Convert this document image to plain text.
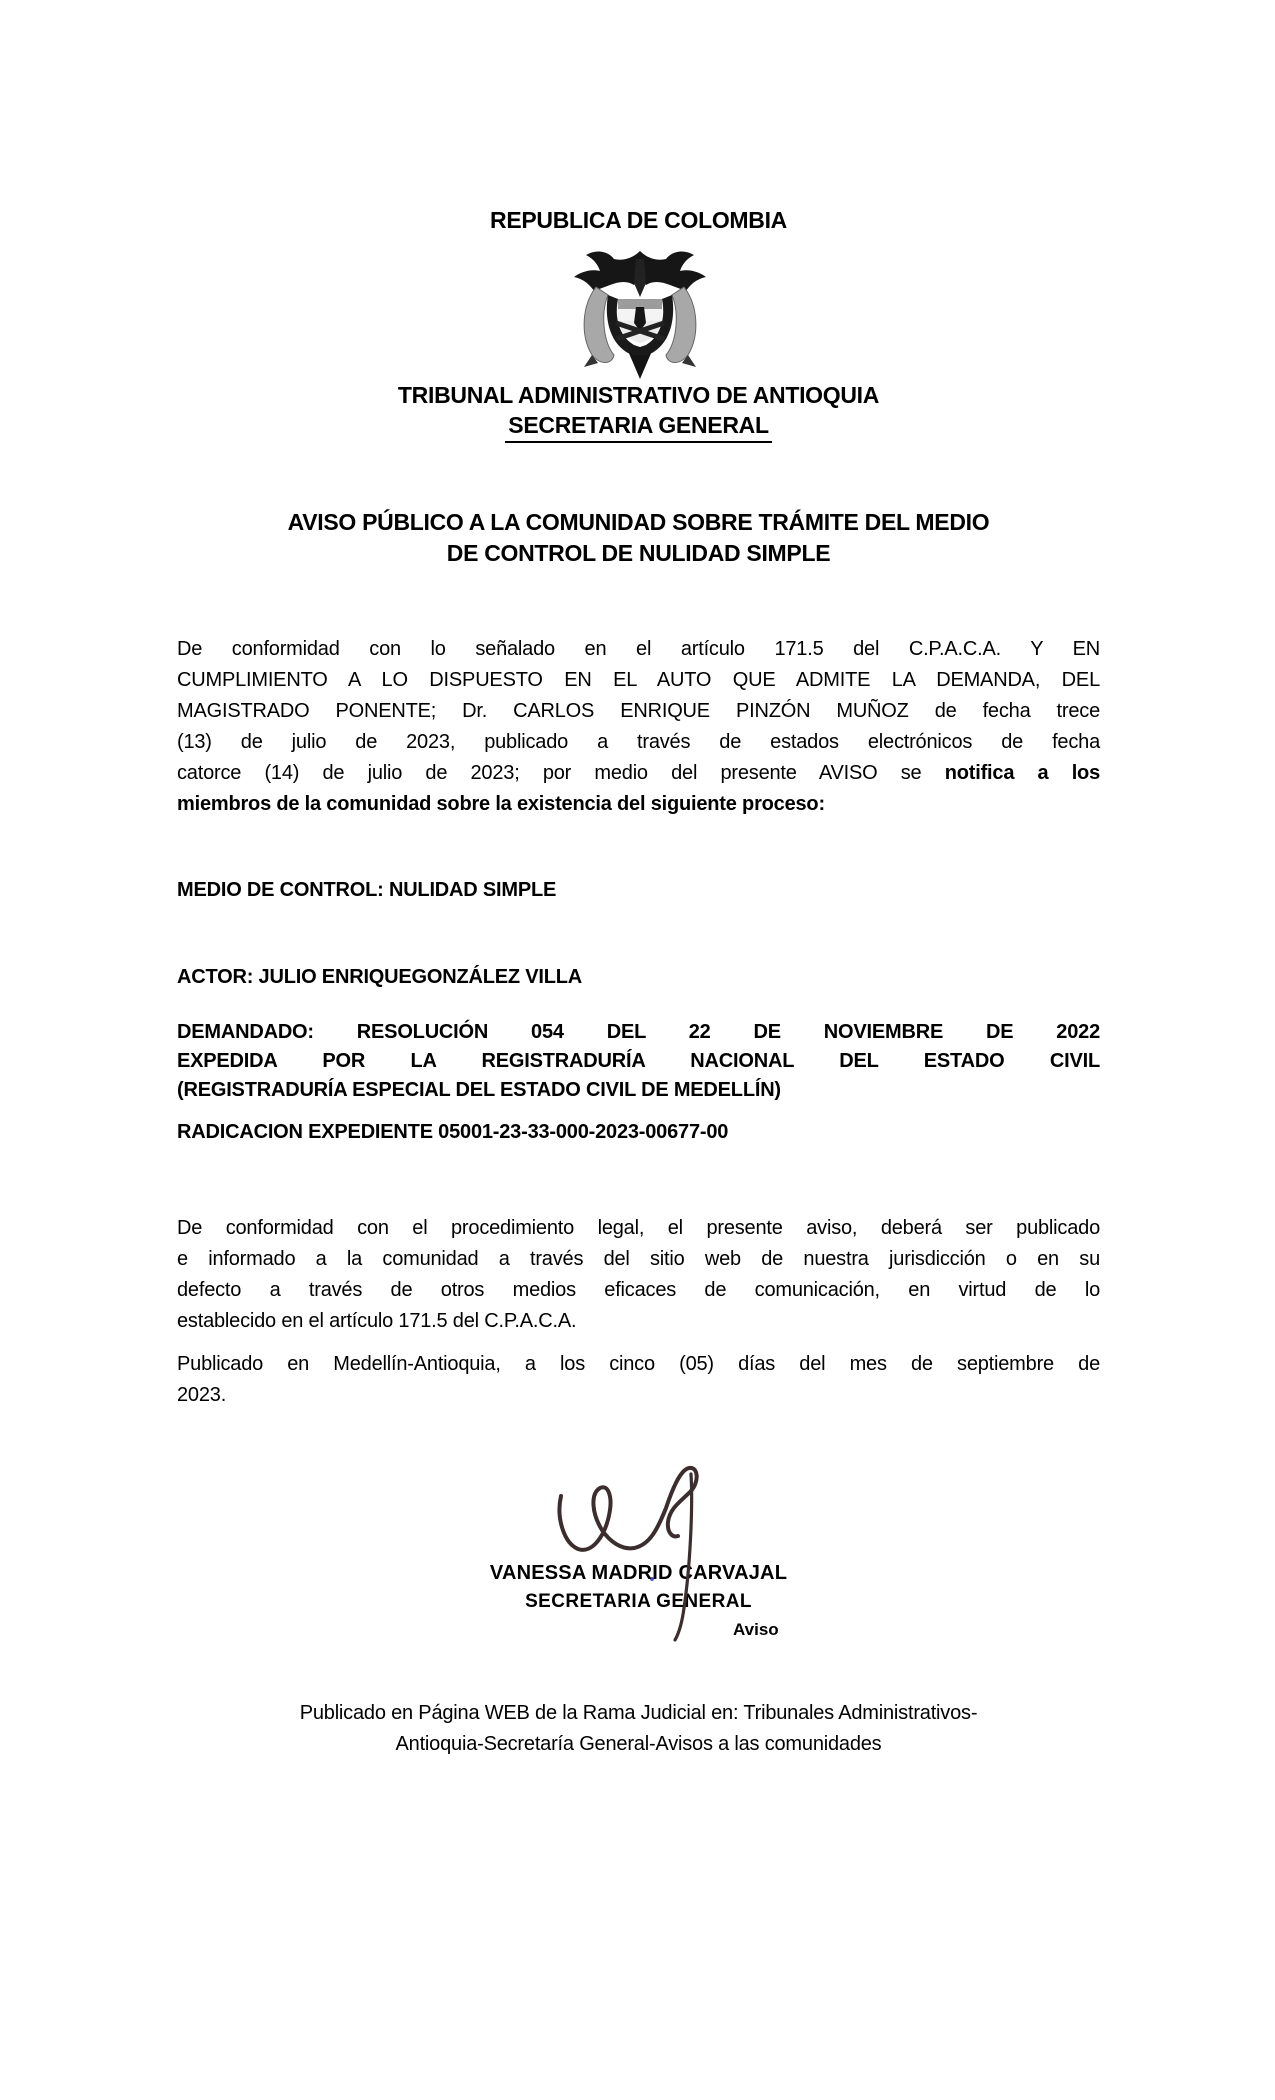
REPUBLICA DE COLOMBIA
TRIBUNAL ADMINISTRATIVO DE ANTIOQUIA
SECRETARIA GENERAL
AVISO PÚBLICO A LA COMUNIDAD SOBRE TRÁMITE DEL MEDIO
DE CONTROL DE NULIDAD SIMPLE
De conformidad con lo señalado en el artículo 171.5 del C.P.A.C.A. Y EN
CUMPLIMIENTO A LO DISPUESTO EN EL AUTO QUE ADMITE LA DEMANDA, DEL
MAGISTRADO PONENTE; Dr. CARLOS ENRIQUE PINZÓN MUÑOZ de fecha trece
(13) de julio de 2023, publicado a través de estados electrónicos de fecha
catorce (14) de julio de 2023; por medio del presente AVISO se notifica a los
miembros de la comunidad sobre la existencia del siguiente proceso:
MEDIO DE CONTROL: NULIDAD SIMPLE
ACTOR: JULIO ENRIQUEGONZÁLEZ VILLA
DEMANDADO: RESOLUCIÓN 054 DEL 22 DE NOVIEMBRE DE 2022
EXPEDIDA POR LA REGISTRADURÍA NACIONAL DEL ESTADO CIVIL
(REGISTRADURÍA ESPECIAL DEL ESTADO CIVIL DE MEDELLÍN)
RADICACION EXPEDIENTE 05001-23-33-000-2023-00677-00
De conformidad con el procedimiento legal, el presente aviso, deberá ser publicado
e informado a la comunidad a través del sitio web de nuestra jurisdicción o en su
defecto a través de otros medios eficaces de comunicación, en virtud de lo
establecido en el artículo 171.5 del C.P.A.C.A.
Publicado en Medellín-Antioquia, a los cinco (05) días del mes de septiembre de
2023.
VANESSA MADRID CARVAJAL
SECRETARIA GENERAL
Aviso
Publicado en Página WEB de la Rama Judicial en: Tribunales Administrativos-
Antioquia-Secretaría General-Avisos a las comunidades
